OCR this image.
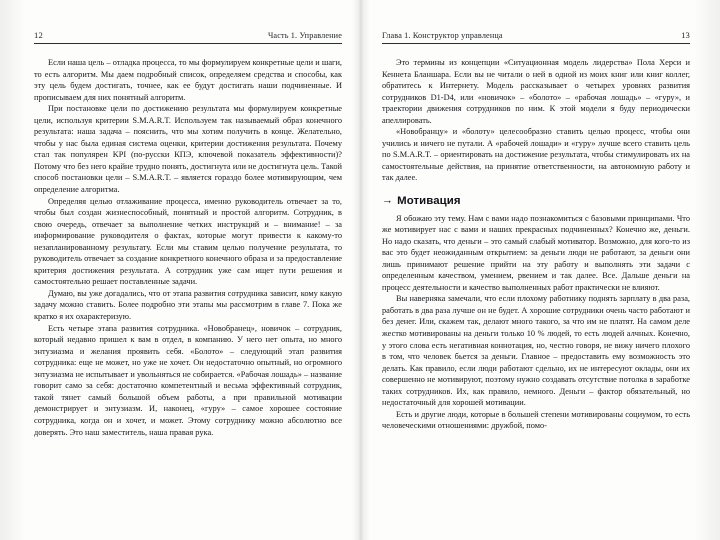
12	Часть 1. Управление

Если наша цель – отладка процесса, то мы формулируем конкретные цели и шаги, то есть алгоритм. Мы даем подробный список, определяем средства и способы, как эту цель будем достигать, точнее, как ее будут достигать наши подчиненные. И прописываем для них понятный алгоритм.

При постановке цели по достижению результата мы формулируем конкретные цели, используя критерии S.M.A.R.T. Используем так называемый образ конечного результата: наша задача – пояснить, что мы хотим получить в конце. Желательно, чтобы у нас была единая система оценки, критерии достижения результата. Почему стал так популярен KPI (по-русски КПЭ, ключевой показатель эффективности)? Потому что без него крайне трудно понять, достигнута или не достигнута цель. Такой способ постановки цели – S.M.A.R.T. – является гораздо более мотивирующим, чем определение алгоритма.

Определяя целью отлаживание процесса, именно руководитель отвечает за то, чтобы был создан жизнеспособный, понятный и простой алгоритм. Сотрудник, в свою очередь, отвечает за выполнение четких инструкций и – внимание! – за информирование руководителя о фактах, которые могут привести к какому-то незапланированному результату. Если мы ставим целью получение результата, то руководитель отвечает за создание конкретного конечного образа и за предоставление критерия достижения результата. А сотрудник уже сам ищет пути решения и самостоятельно решает поставленные задачи.

Думаю, вы уже догадались, что от этапа развития сотрудника зависит, кому какую задачу можно ставить. Более подробно эти этапы мы рассмотрим в главе 7. Пока же кратко я их охарактеризую.

Есть четыре этапа развития сотрудника. «Новобранец», новичок – сотрудник, который недавно пришел к вам в отдел, в компанию. У него нет опыта, но много энтузиазма и желания проявить себя. «Болото» – следующий этап развития сотрудника: еще не может, но уже не хочет. Он недостаточно опытный, но огромного энтузиазма не испытывает и увольняться не собирается. «Рабочая лошадь» – название говорит само за себя: достаточно компетентный и весьма эффективный сотрудник, такой тянет самый большой объем работы, а при правильной мотивации демонстрирует и энтузиазм. И, наконец, «гуру» – самое хорошее состояние сотрудника, когда он и хочет, и может. Этому сотруднику можно абсолютно все доверять. Это наш заместитель, наша правая рука.

Глава 1. Конструктор управленца	13

Это термины из концепции «Ситуационная модель лидерства» Пола Херси и Кеннета Бланшара. Если вы не читали о ней в одной из моих книг или книг коллег, обратитесь к Интернету. Модель рассказывает о четырех уровнях развития сотрудников D1-D4, или «новичок» – «болото» – «рабочая лошадь» – «гуру», и траектории движения сотрудников по ним. К этой модели я буду периодически апеллировать.

«Новобранцу» и «болоту» целесообразно ставить целью процесс, чтобы они учились и ничего не путали. А «рабочей лошади» и «гуру» лучше всего ставить цель по S.M.A.R.T. – ориентировать на достижение результата, чтобы стимулировать их на самостоятельные действия, на принятие ответственности, на автономную работу и так далее.

→ Мотивация

Я обожаю эту тему. Нам с вами надо познакомиться с базовыми принципами. Что же мотивирует нас с вами и наших прекрасных подчиненных? Конечно же, деньги. Но надо сказать, что деньги – это самый слабый мотиватор. Возможно, для кого-то из вас это будет неожиданным открытием: за деньги люди не работают, за деньги они лишь принимают решение прийти на эту работу и выполнять эти задачи с определенным качеством, умением, рвением и так далее. Все. Дальше деньги на процесс деятельности и качество выполненных работ практически не влияют.

Вы наверняка замечали, что если плохому работнику поднять зарплату в два раза, работать в два раза лучше он не будет. А хорошие сотрудники очень часто работают и без денег. Или, скажем так, делают много такого, за что им не платят. На самом деле жестко мотивированы на деньги только 10 % людей, то есть людей алчных. Конечно, у этого слова есть негативная коннотация, но, честно говоря, не вижу ничего плохого в том, что человек бьется за деньги. Главное – предоставить ему возможность это делать. Как правило, если люди работают сдельно, их не интересуют оклады, они их совершенно не мотивируют, поэтому нужно создавать отсутствие потолка в заработке таких сотрудников. Их, как правило, немного. Деньги – фактор обязательный, но недостаточный для хорошей мотивации.

Есть и другие люди, которые в большей степени мотивированы социумом, то есть человеческими отношениями: дружбой, помо-
